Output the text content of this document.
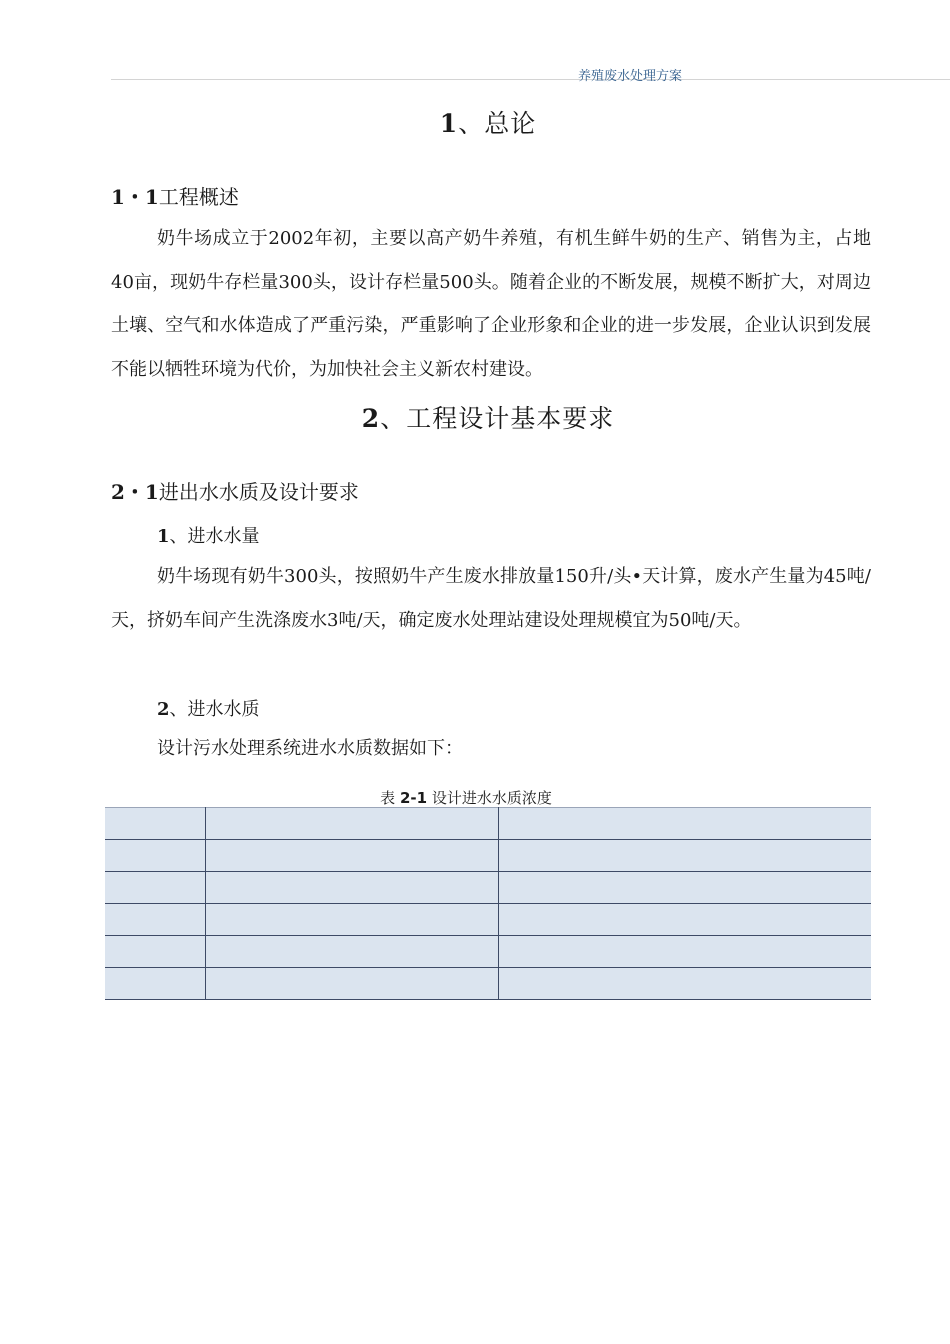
养殖废水处理方案
1、总论
1・1工程概述
奶牛场成立于2002年初，主要以高产奶牛养殖，有机生鲜牛奶的生产、销售为主，占地40亩，现奶牛存栏量300头，设计存栏量500头。随着企业的不断发展，规模不断扩大，对周边土壤、空气和水体造成了严重污染，严重影响了企业形象和企业的进一步发展，企业认识到发展不能以牺牲环境为代价，为加快社会主义新农村建设。
2、工程设计基本要求
2・1进出水水质及设计要求
1、进水水量
奶牛场现有奶牛300头，按照奶牛产生废水排放量150升/头•天计算，废水产生量为45吨/天，挤奶车间产生洗涤废水3吨/天，确定废水处理站建设处理规模宜为50吨/天。
2、进水水质
设计污水处理系统进水水质数据如下：
表 2-1 设计进水水质浓度
